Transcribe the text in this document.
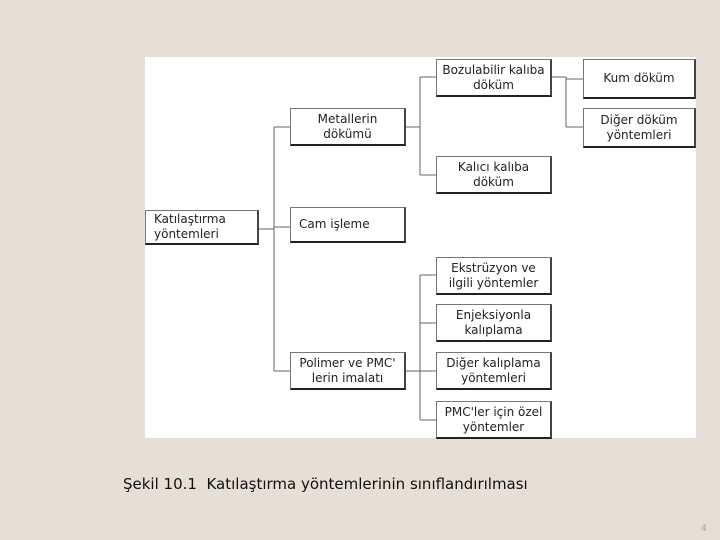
Katılaştırma
yöntemleri
Metallerin
dökümü
Bozulabilir kalıba
döküm	Kum döküm
Diğer döküm
yöntemleri
Kalıcı kalıba
döküm
Cam işleme
Ekstrüzyon ve
ilgili yöntemler
Enjeksiyonla
kalıplama
Polimer ve PMC'
lerin imalatı
Diğer kalıplama
yöntemleri
PMC'ler için özel
yöntemler
Şekil 10.1  Katılaştırma yöntemlerinin sınıflandırılması
4
